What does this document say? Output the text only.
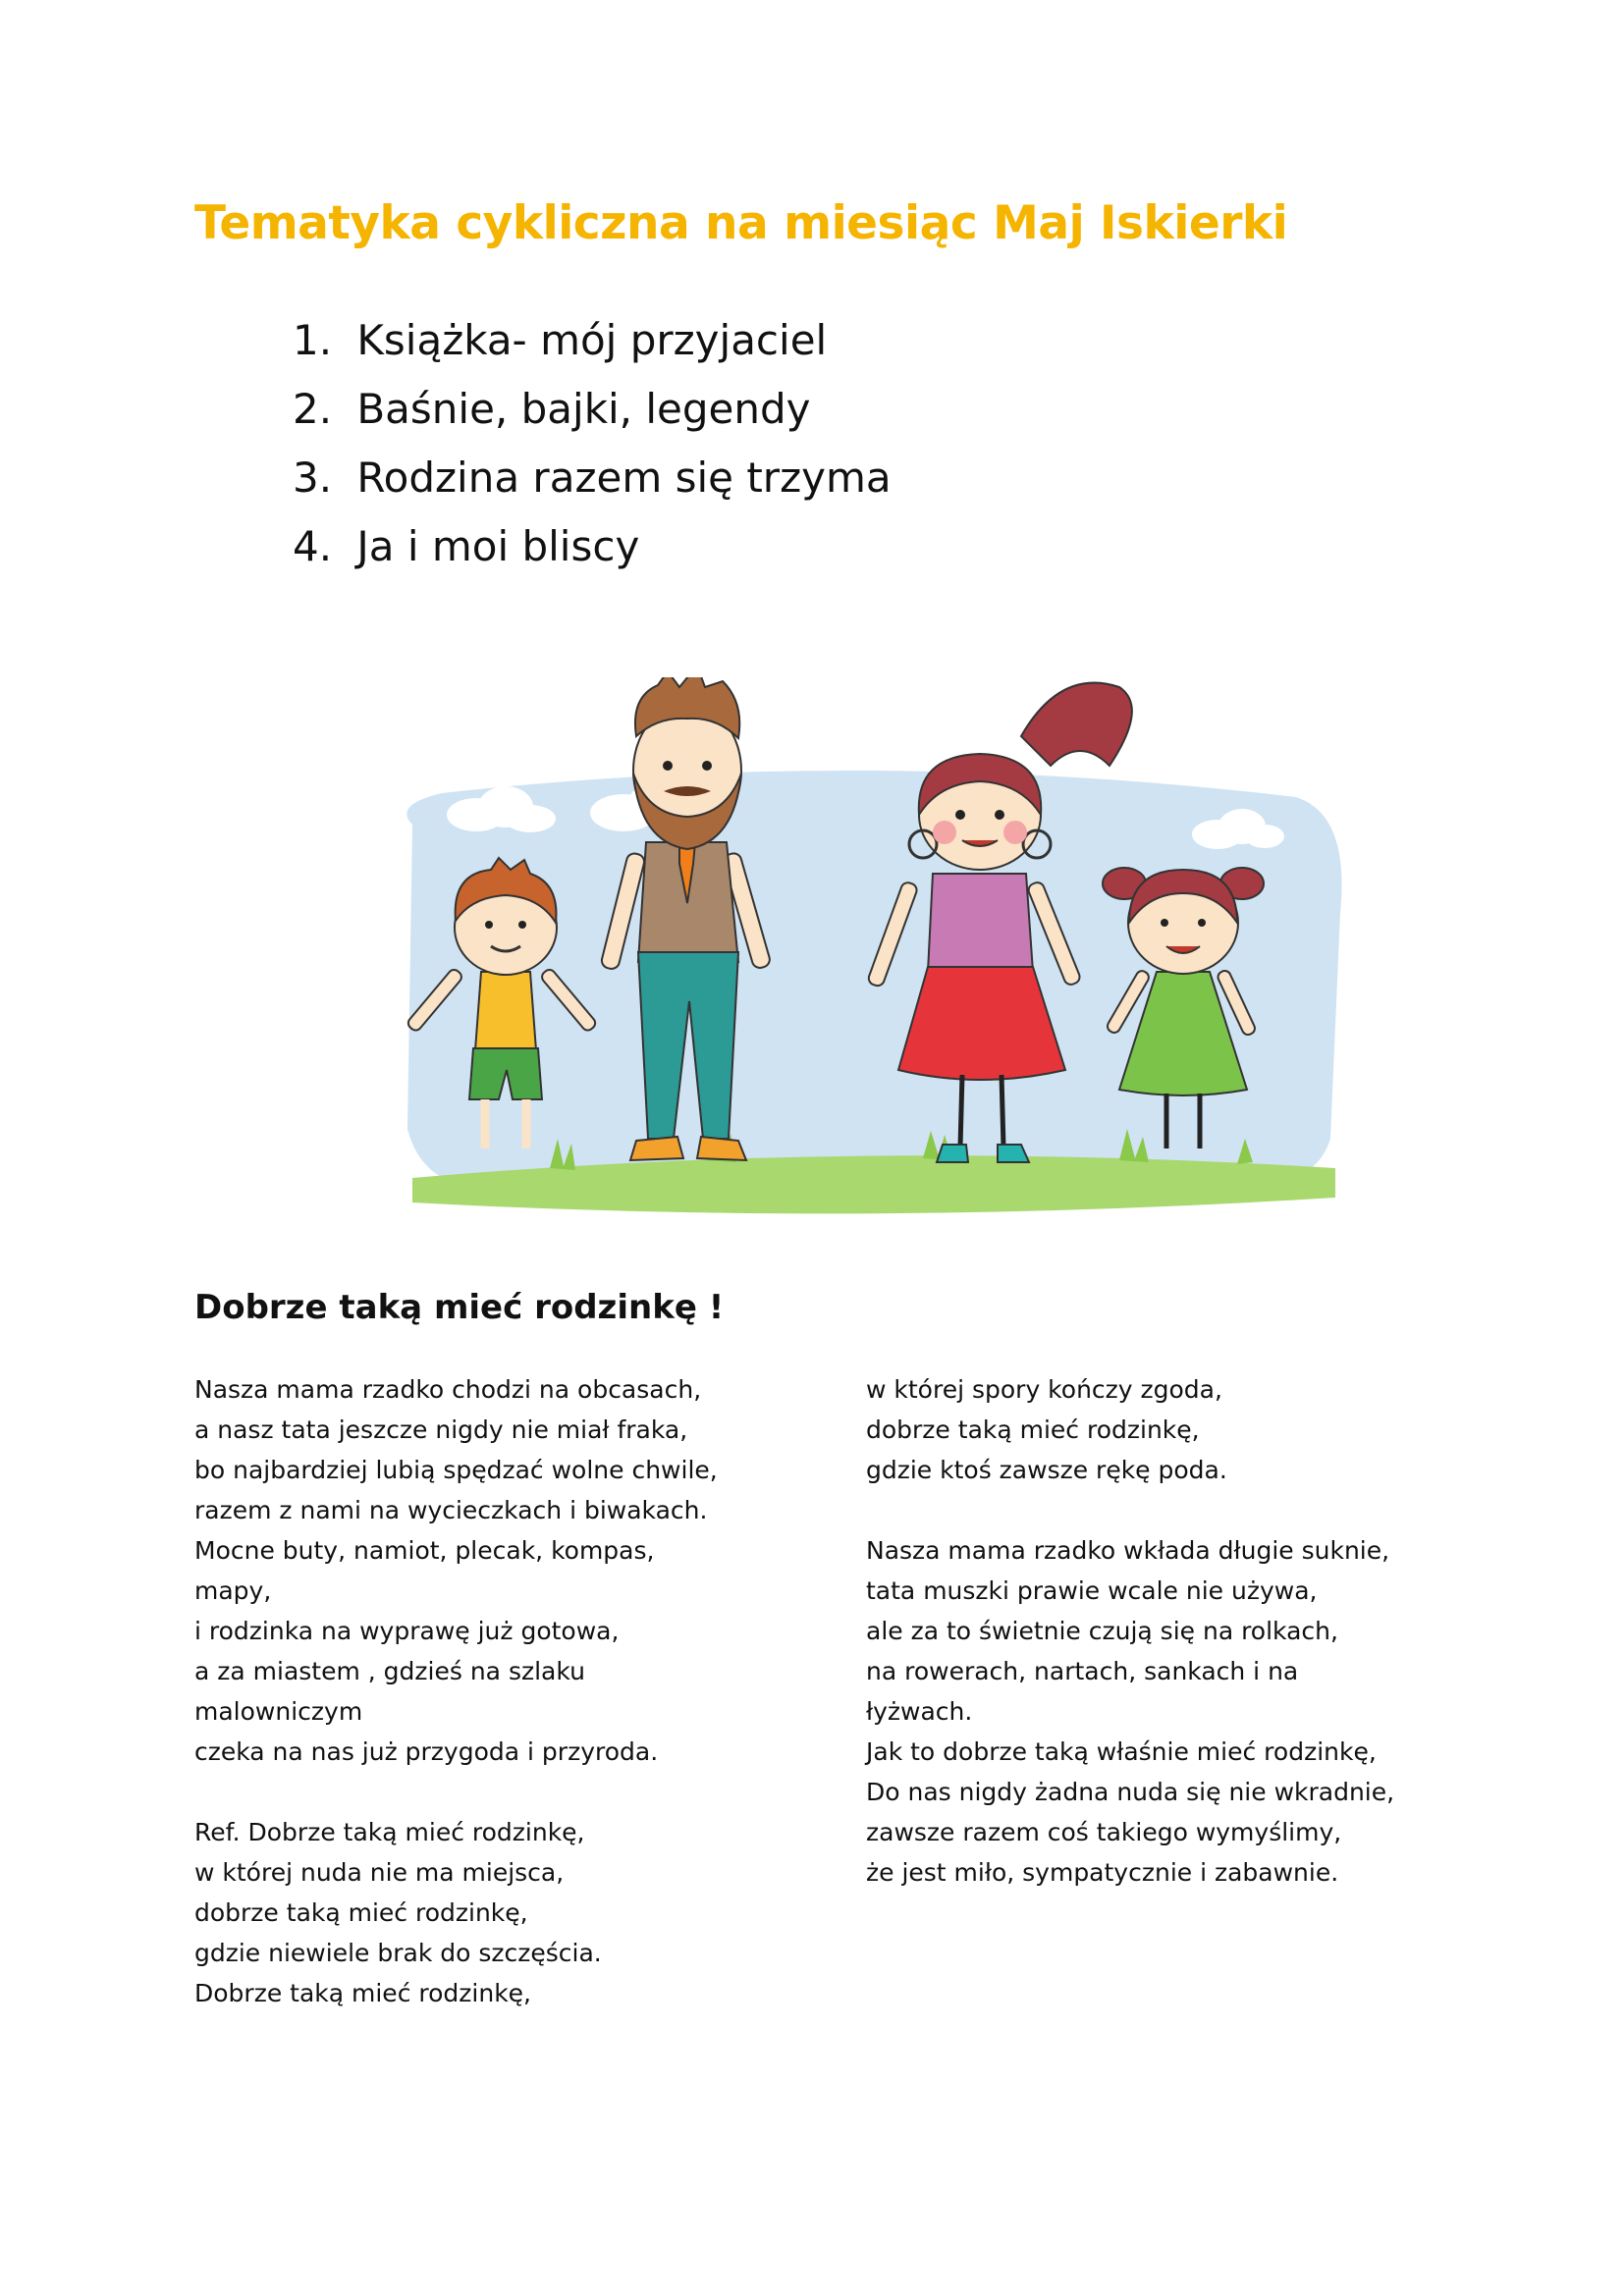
Tematyka cykliczna na miesiąc Maj Iskierki
1. Książka- mój przyjaciel
2. Baśnie, bajki, legendy
3. Rodzina razem się trzyma
4. Ja i moi bliscy
Dobrze taką mieć rodzinkę !
Nasza mama rzadko chodzi na obcasach,
a nasz tata jeszcze nigdy nie miał fraka,
bo najbardziej lubią spędzać wolne chwile,
razem z nami na wycieczkach i biwakach.
Mocne buty, namiot, plecak, kompas,
mapy,
i rodzinka na wyprawę już gotowa,
a za miastem , gdzieś na szlaku
malowniczym
czeka na nas już przygoda i przyroda.
Ref. Dobrze taką mieć rodzinkę,
w której nuda nie ma miejsca,
dobrze taką mieć rodzinkę,
gdzie niewiele brak do szczęścia.
Dobrze taką mieć rodzinkę,
w której spory kończy zgoda,
dobrze taką mieć rodzinkę,
gdzie ktoś zawsze rękę poda.
Nasza mama rzadko wkłada długie suknie,
tata muszki prawie wcale nie używa,
ale za to świetnie czują się na rolkach,
na rowerach, nartach, sankach i na
łyżwach.
Jak to dobrze taką właśnie mieć rodzinkę,
Do nas nigdy żadna nuda się nie wkradnie,
zawsze razem coś takiego wymyślimy,
że jest miło, sympatycznie i zabawnie.
